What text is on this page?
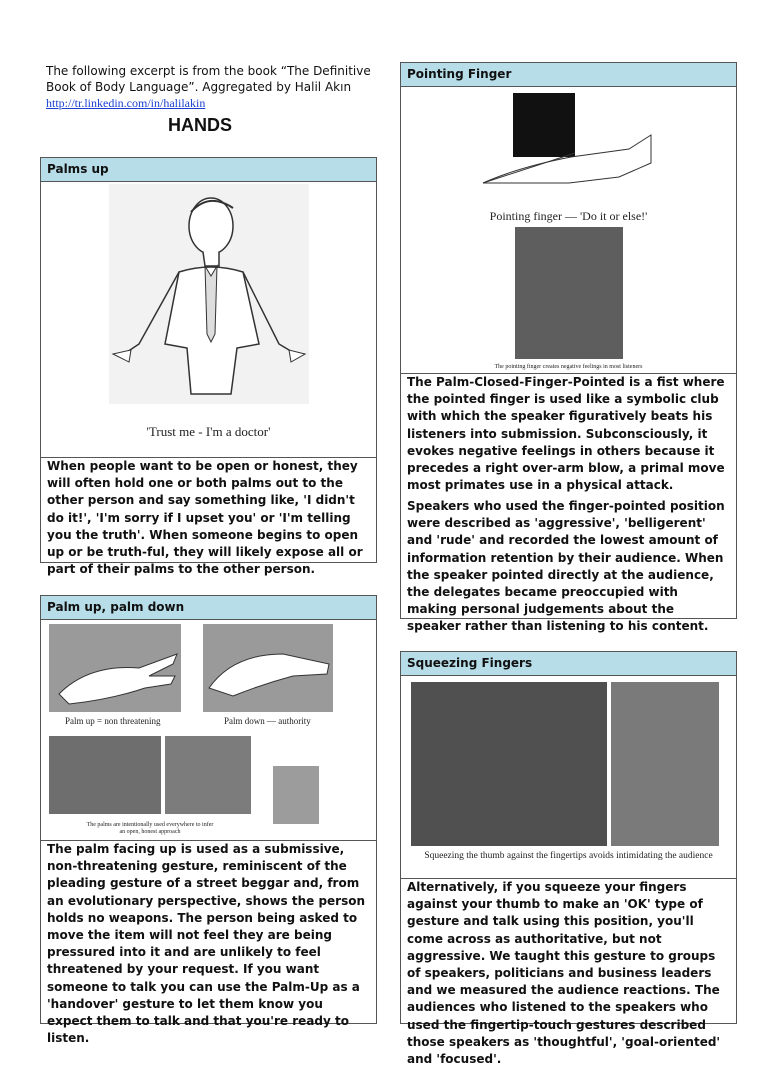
The following excerpt is from the book “The Definitive Book of Body Language”. Aggregated by Halil Akın
http://tr.linkedin.com/in/halilakin
HANDS
Palms up
'Trust me - I'm a doctor'
When people want to be open or honest, they will often hold one or both palms out to the other person and say something like, 'I didn't do it!', 'I'm sorry if I upset you' or 'I'm telling you the truth'. When someone begins to open up or be truth-ful, they will likely expose all or part of their palms to the other person.
Palm up, palm down
Palm up = non threatening	Palm down — authority
The palms are intentionally used everywhere to infer an open, honest approach
The palm facing up is used as a submissive, non-threatening gesture, reminiscent of the pleading gesture of a street beggar and, from an evolutionary perspective, shows the person holds no weapons. The person being asked to move the item will not feel they are being pressured into it and are unlikely to feel threatened by your request. If you want someone to talk you can use the Palm-Up as a 'handover' gesture to let them know you expect them to talk and that you're ready to listen.
Pointing Finger
Pointing finger — 'Do it or else!'
The pointing finger creates negative feelings in most listeners
The Palm-Closed-Finger-Pointed is a fist where the pointed finger is used like a symbolic club with which the speaker figuratively beats his listeners into submission. Subconsciously, it evokes negative feelings in others because it precedes a right over-arm blow, a primal move most primates use in a physical attack.
Speakers who used the finger-pointed position were described as 'aggressive', 'belligerent' and 'rude' and recorded the lowest amount of information retention by their audience. When the speaker pointed directly at the audience, the delegates became preoccupied with making personal judgements about the speaker rather than listening to his content.
Squeezing Fingers
Squeezing the thumb against the fingertips avoids intimidating the audience
Alternatively, if you squeeze your fingers against your thumb to make an 'OK' type of gesture and talk using this position, you'll come across as authoritative, but not aggressive. We taught this gesture to groups of speakers, politicians and business leaders and we measured the audience reactions. The audiences who listened to the speakers who used the fingertip-touch gestures described those speakers as 'thoughtful', 'goal-oriented' and 'focused'.
